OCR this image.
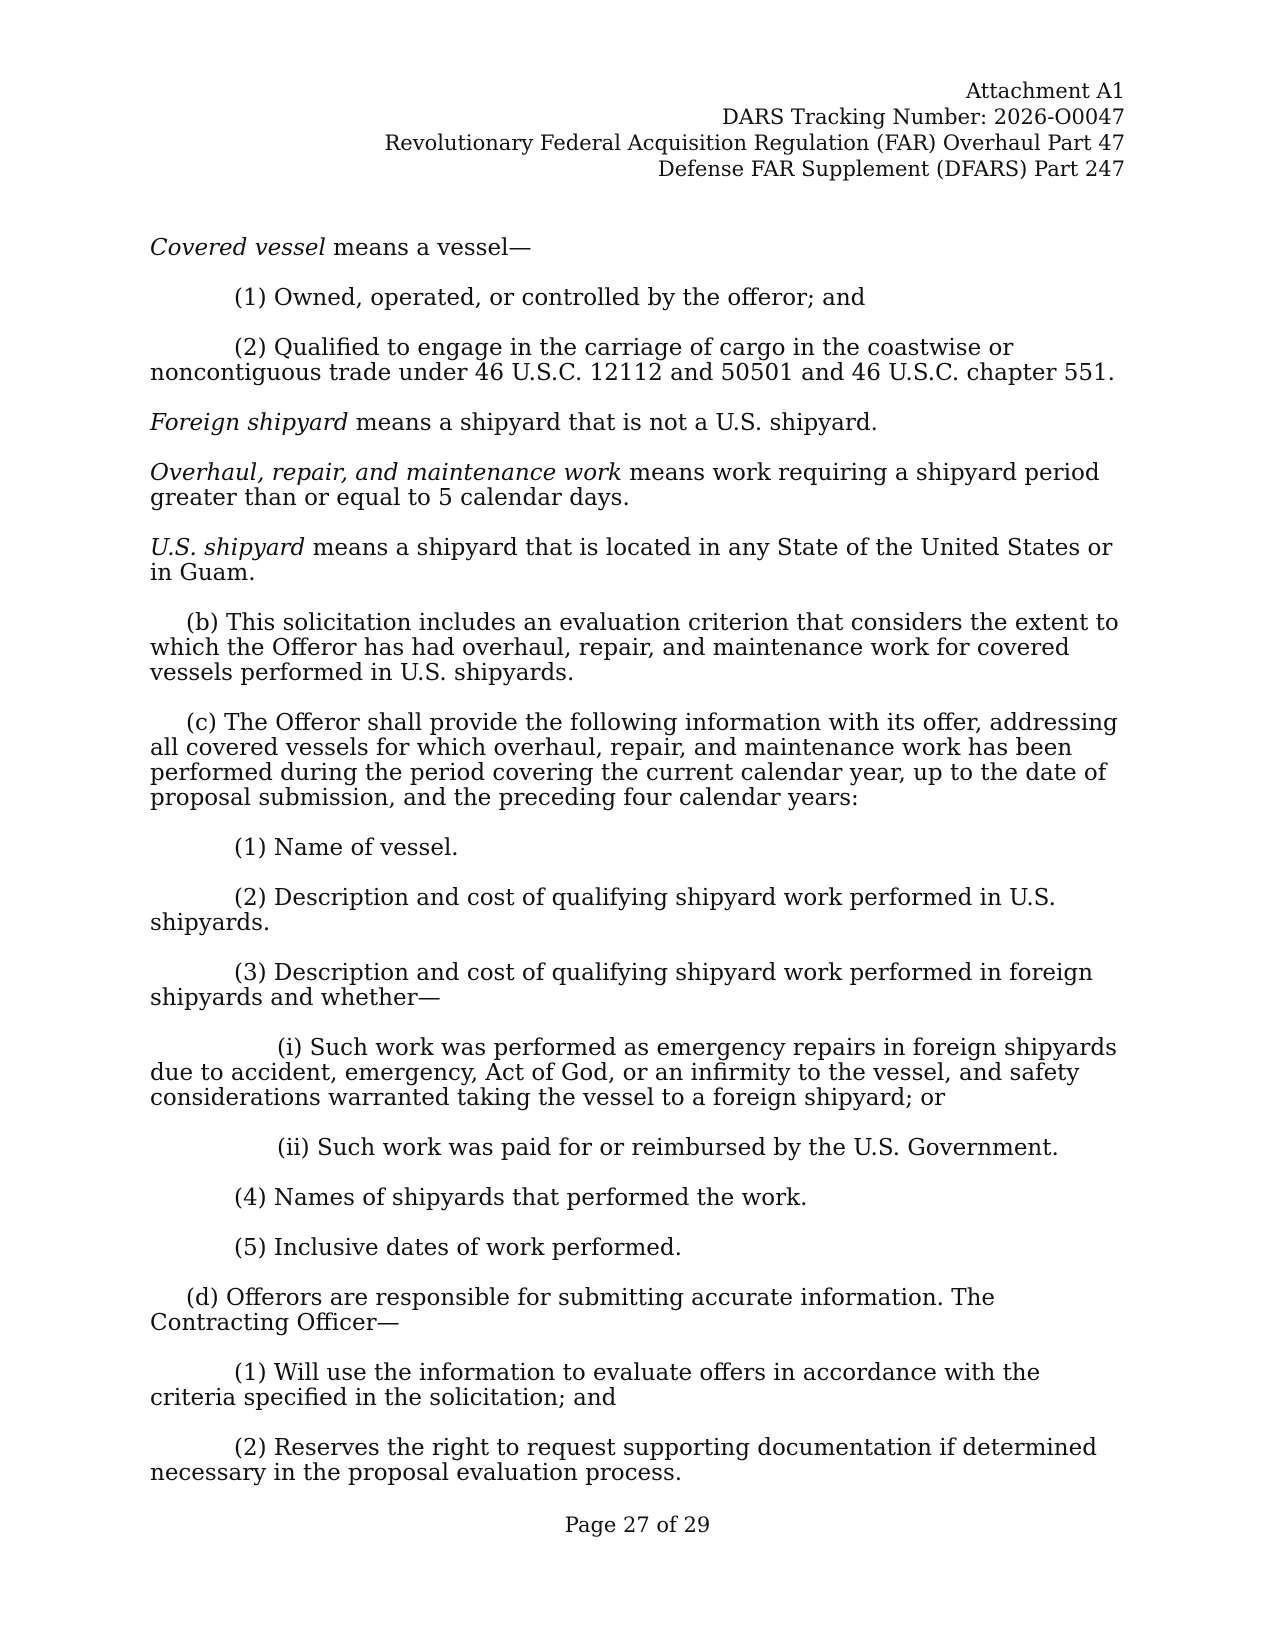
Attachment A1
DARS Tracking Number: 2026-O0047
Revolutionary Federal Acquisition Regulation (FAR) Overhaul Part 47
Defense FAR Supplement (DFARS) Part 247

Covered vessel means a vessel—

(1) Owned, operated, or controlled by the offeror; and

(2) Qualified to engage in the carriage of cargo in the coastwise or noncontiguous trade under 46 U.S.C. 12112 and 50501 and 46 U.S.C. chapter 551.

Foreign shipyard means a shipyard that is not a U.S. shipyard.

Overhaul, repair, and maintenance work means work requiring a shipyard period greater than or equal to 5 calendar days.

U.S. shipyard means a shipyard that is located in any State of the United States or in Guam.

(b) This solicitation includes an evaluation criterion that considers the extent to which the Offeror has had overhaul, repair, and maintenance work for covered vessels performed in U.S. shipyards.

(c) The Offeror shall provide the following information with its offer, addressing all covered vessels for which overhaul, repair, and maintenance work has been performed during the period covering the current calendar year, up to the date of proposal submission, and the preceding four calendar years:

(1) Name of vessel.

(2) Description and cost of qualifying shipyard work performed in U.S. shipyards.

(3) Description and cost of qualifying shipyard work performed in foreign shipyards and whether—

(i) Such work was performed as emergency repairs in foreign shipyards due to accident, emergency, Act of God, or an infirmity to the vessel, and safety considerations warranted taking the vessel to a foreign shipyard; or

(ii) Such work was paid for or reimbursed by the U.S. Government.

(4) Names of shipyards that performed the work.

(5) Inclusive dates of work performed.

(d) Offerors are responsible for submitting accurate information. The Contracting Officer—

(1) Will use the information to evaluate offers in accordance with the criteria specified in the solicitation; and

(2) Reserves the right to request supporting documentation if determined necessary in the proposal evaluation process.

Page 27 of 29
